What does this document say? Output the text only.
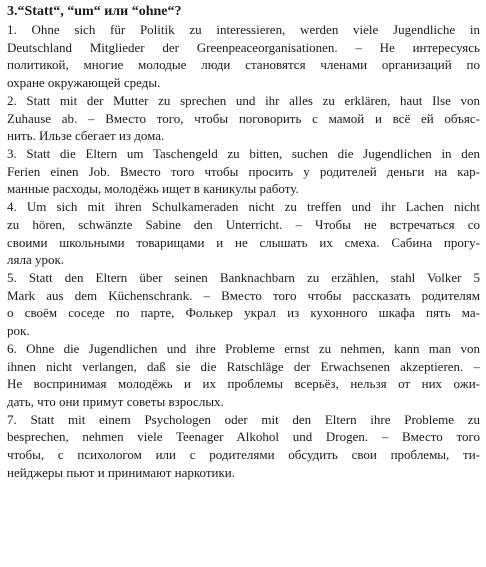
3.“Statt“, “um“ или “ohne“?
1. Ohne sich für Politik zu interessieren, werden viele Jugendliche in
Deutschland Mitglieder der Greenpeaceorganisationen. – Не интересуясь
политикой, многие молодые люди становятся членами организаций по
охране окружающей среды.
2. Statt mit der Mutter zu sprechen und ihr alles zu erklären, haut Ilse von
Zuhause ab. – Вместо того, чтобы поговорить с мамой и всё ей объяс-
нить. Ильзе сбегает из дома.
3. Statt die Eltern um Taschengeld zu bitten, suchen die Jugendlichen in den
Ferien einen Job. Вместо того чтобы просить у родителей деньги на кар-
манные расходы, молодёжь ищет в каникулы работу.
4. Um sich mit ihren Schulkameraden nicht zu treffen und ihr Lachen nicht
zu hören, schwänzte Sabine den Unterricht. – Чтобы не встречаться со
своими школьными товарищами и не слышать их смеха. Сабина прогу-
ляла урок.
5. Statt den Eltern über seinen Banknachbarn zu erzählen, stahl Volker 5
Mark aus dem Küchenschrank. – Вместо того чтобы рассказать родителям
о своём соседе по парте, Фолькер украл из кухонного шкафа пять ма-
рок.
6. Ohne die Jugendlichen und ihre Probleme ernst zu nehmen, kann man von
ihnen nicht verlangen, daß sie die Ratschläge der Erwachsenen akzeptieren. –
Не воспринимая молодёжь и их проблемы всерьёз, нельзя от них ожи-
дать, что они примут советы взрослых.
7. Statt mit einem Psychologen oder mit den Eltern ihre Probleme zu
besprechen, nehmen viele Teenager Alkohol und Drogen. – Вместо того
чтобы, с психологом или с родителями обсудить свои проблемы, ти-
нейджеры пьют и принимают наркотики.
